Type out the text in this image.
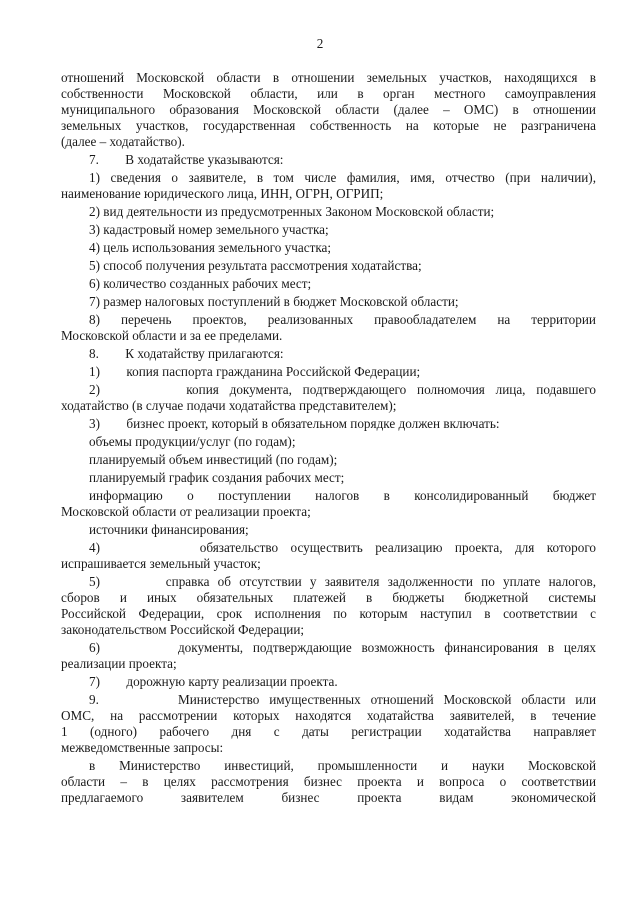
2
отношений Московской области в отношении земельных участков, находящихся в
собственности Московской области, или в орган местного самоуправления
муниципального образования Московской области (далее – ОМС) в отношении
земельных участков, государственная собственность на которые не разграничена
(далее – ходатайство).
7.        В ходатайстве указываются:
1) сведения о заявителе, в том числе фамилия, имя, отчество (при наличии),
наименование юридического лица, ИНН, ОГРН, ОГРИП;
2) вид деятельности из предусмотренных Законом Московской области;
3) кадастровый номер земельного участка;
4) цель использования земельного участка;
5) способ получения результата рассмотрения ходатайства;
6) количество созданных рабочих мест;
7) размер налоговых поступлений в бюджет Московской области;
8) перечень проектов, реализованных правообладателем на территории
Московской области и за ее пределами.
8.        К ходатайству прилагаются:
1)        копия паспорта гражданина Российской Федерации;
2)        копия документа, подтверждающего полномочия лица, подавшего
ходатайство (в случае подачи ходатайства представителем);
3)        бизнес проект, который в обязательном порядке должен включать:
объемы продукции/услуг (по годам);
планируемый объем инвестиций (по годам);
планируемый график создания рабочих мест;
информацию о поступлении налогов в консолидированный бюджет
Московской области от реализации проекта;
источники финансирования;
4)        обязательство осуществить реализацию проекта, для которого
испрашивается земельный участок;
5)        справка об отсутствии у заявителя задолженности по уплате налогов,
сборов и иных обязательных платежей в бюджеты бюджетной системы
Российской Федерации, срок исполнения по которым наступил в соответствии с
законодательством Российской Федерации;
6)        документы, подтверждающие возможность финансирования в целях
реализации проекта;
7)        дорожную карту реализации проекта.
9.        Министерство имущественных отношений Московской области или
ОМС, на рассмотрении которых находятся ходатайства заявителей, в течение
1 (одного) рабочего дня с даты регистрации ходатайства направляет
межведомственные запросы:
в Министерство инвестиций, промышленности и науки Московской
области – в целях рассмотрения бизнес проекта и вопроса о соответствии
предлагаемого заявителем бизнес проекта видам экономической
